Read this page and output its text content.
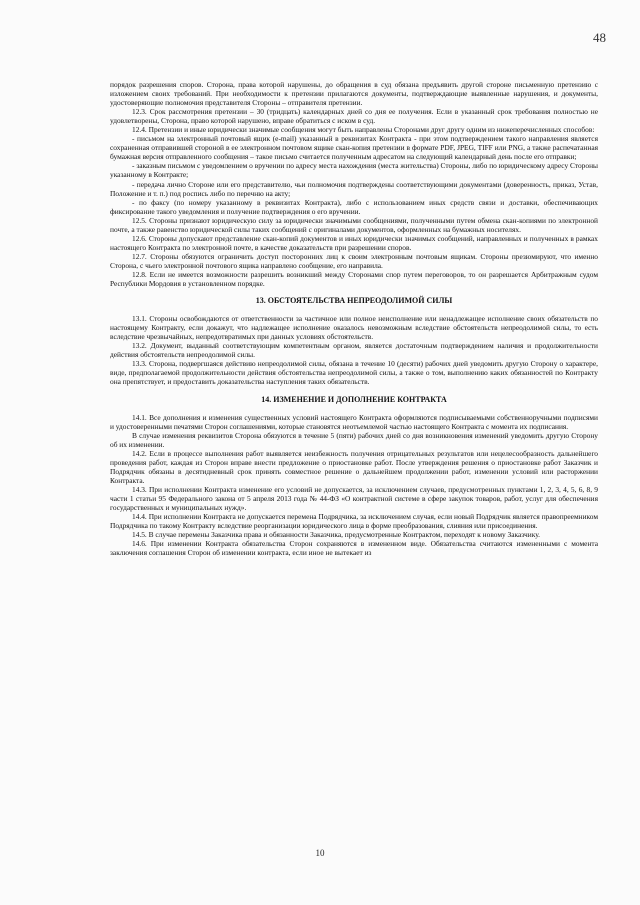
48

порядок разрешения споров. Сторона, права которой нарушены, до обращения в суд обязана предъявить другой стороне письменную претензию с изложением своих требований. При необходимости к претензии прилагаются документы, подтверждающие выявленные нарушения, и документы, удостоверяющие полномочия представителя Стороны – отправителя претензии.

12.3. Срок рассмотрения претензии – 30 (тридцать) календарных дней со дня ее получения. Если в указанный срок требования полностью не удовлетворены, Сторона, право которой нарушено, вправе обратиться с иском в суд.

12.4. Претензии и иные юридически значимые сообщения могут быть направлены Сторонами друг другу одним из нижеперечисленных способов:

- письмом на электронный почтовый ящик (e-mail) указанный в реквизитах Контракта - при этом подтверждением такого направления является сохраненная отправившей стороной в ее электронном почтовом ящике скан-копия претензии в формате PDF, JPEG, TIFF или PNG, а также распечатанная бумажная версия отправленного сообщения – такое письмо считается полученным адресатом на следующий календарный день после его отправки;

- заказным письмом с уведомлением о вручении по адресу места нахождения (места жительства) Стороны, либо по юридическому адресу Стороны указанному в Контракте;

- передача лично Стороне или его представителю, чьи полномочия подтверждены соответствующими документами (доверенность, приказ, Устав, Положение и т. п.) под роспись либо по перечню на акту;

- по факсу (по номеру указанному в реквизитах Контракта), либо с использованием иных средств связи и доставки, обеспечивающих фиксирование такого уведомления и получение подтверждения о его вручении.

12.5. Стороны признают юридическую силу за юридически значимыми сообщениями, полученными путем обмена скан-копиями по электронной почте, а также равенство юридической силы таких сообщений с оригиналами документов, оформленных на бумажных носителях.

12.6. Стороны допускают представление скан-копий документов и иных юридически значимых сообщений, направленных и полученных в рамках настоящего Контракта по электронной почте, в качестве доказательств при разрешении споров.

12.7. Стороны обязуются ограничить доступ посторонних лиц к своим электронным почтовым ящикам. Стороны презюмируют, что именно Сторона, с чьего электронной почтового ящика направлено сообщение, его направила.

12.8. Если не имеется возможности разрешить возникший между Сторонами спор путем переговоров, то он разрешается Арбитражным судом Республики Мордовия в установленном порядке.

13. ОБСТОЯТЕЛЬСТВА НЕПРЕОДОЛИМОЙ СИЛЫ

13.1. Стороны освобождаются от ответственности за частичное или полное неисполнение или ненадлежащее исполнение своих обязательств по настоящему Контракту, если докажут, что надлежащее исполнение оказалось невозможным вследствие обстоятельств непреодолимой силы, то есть вследствие чрезвычайных, непредотвратимых при данных условиях обстоятельств.

13.2. Документ, выданный соответствующим компетентным органом, является достаточным подтверждением наличия и продолжительности действия обстоятельств непреодолимой силы.

13.3. Сторона, подвергшаяся действию непреодолимой силы, обязана в течение 10 (десяти) рабочих дней уведомить другую Сторону о характере, виде, предполагаемой продолжительности действия обстоятельства непреодолимой силы, а также о том, выполнению каких обязанностей по Контракту она препятствует, и предоставить доказательства наступления таких обязательств.

14. ИЗМЕНЕНИЕ И ДОПОЛНЕНИЕ КОНТРАКТА

14.1. Все дополнения и изменения существенных условий настоящего Контракта оформляются подписываемыми собственноручными подписями и удостоверенными печатями Сторон соглашениями, которые становятся неотъемлемой частью настоящего Контракта с момента их подписания.

В случае изменения реквизитов Сторона обязуются в течение 5 (пяти) рабочих дней со дня возникновения изменений уведомить другую Сторону об их изменении.

14.2. Если в процессе выполнения работ выявляется неизбежность получения отрицательных результатов или нецелесообразность дальнейшего проведения работ, каждая из Сторон вправе внести предложение о приостановке работ. После утверждения решения о приостановке работ Заказчик и Подрядчик обязаны в десятидневный срок принять совместное решение о дальнейшем продолжении работ, изменении условий или расторжении Контракта.

14.3. При исполнении Контракта изменение его условий не допускается, за исключением случаев, предусмотренных пунктами 1, 2, 3, 4, 5, 6, 8, 9 части 1 статьи 95 Федерального закона от 5 апреля 2013 года № 44-ФЗ «О контрактной системе в сфере закупок товаров, работ, услуг для обеспечения государственных и муниципальных нужд».

14.4. При исполнении Контракта не допускается перемена Подрядчика, за исключением случая, если новый Подрядчик является правопреемником Подрядчика по такому Контракту вследствие реорганизации юридического лица в форме преобразования, слияния или присоединения.

14.5. В случае перемены Заказчика права и обязанности Заказчика, предусмотренные Контрактом, переходят к новому Заказчику.

14.6. При изменении Контракта обязательства Сторон сохраняются в измененном виде. Обязательства считаются измененными с момента заключения соглашения Сторон об изменении контракта, если иное не вытекает из

10
